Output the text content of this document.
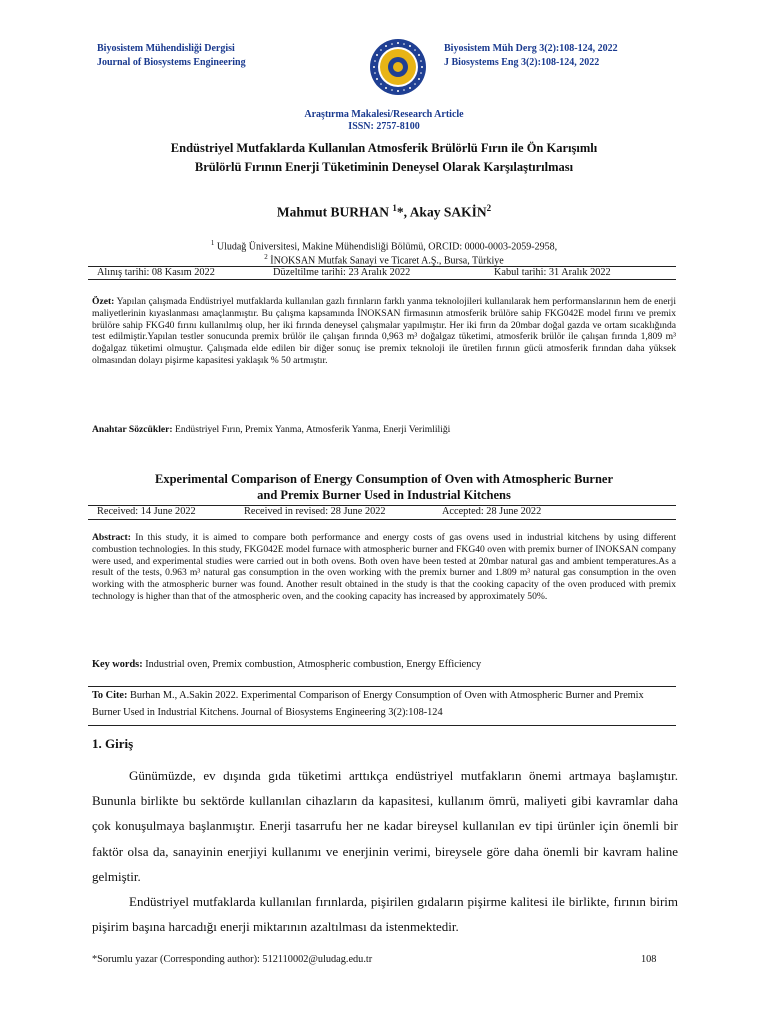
Biyosistem Mühendisliği Dergisi
Journal of Biosystems Engineering
Biyosistem Müh Derg 3(2):108-124, 2022
J Biosystems Eng 3(2):108-124, 2022
Araştırma Makalesi/Research Article
ISSN: 2757-8100
Endüstriyel Mutfaklarda Kullanılan Atmosferik Brülörlü Fırın ile Ön Karışımlı
Brülörlü Fırının Enerji Tüketiminin Deneysel Olarak Karşılaştırılması
Mahmut BURHAN $^1$*, Akay SAKİN$^2$
$^1$ Uludağ Üniversitesi, Makine Mühendisliği Bölümü, ORCID: 0000-0003-2059-2958,
$^2$ İNOKSAN Mutfak Sanayi ve Ticaret A.Ş., Bursa, Türkiye
Alınış tarihi: 08 Kasım 2022	Düzeltilme tarihi: 23 Aralık 2022	Kabul tarihi: 31 Aralık 2022
Özet: Yapılan çalışmada Endüstriyel mutfaklarda kullanılan gazlı fırınların farklı yanma teknolojileri kullanılarak hem performanslarının hem de enerji maliyetlerinin kıyaslanması amaçlanmıştır. Bu çalışma kapsamında İNOKSAN firmasının atmosferik brülöre sahip FKG042E model fırını ve premix brülöre sahip FKG40 fırını kullanılmış olup, her iki fırında deneysel çalışmalar yapılmıştır. Her iki fırın da 20mbar doğal gazda ve ortam sıcaklığında test edilmiştir.Yapılan testler sonucunda premix brülör ile çalışan fırında 0,963 m³ doğalgaz tüketimi, atmosferik brülör ile çalışan fırında 1,809 m³ doğalgaz tüketimi olmuştur. Çalışmada elde edilen bir diğer sonuç ise premix teknoloji ile üretilen fırının gücü atmosferik fırından daha yüksek olmasından dolayı pişirme kapasitesi yaklaşık % 50 artmıştır.
Anahtar Sözcükler: Endüstriyel Fırın, Premix Yanma, Atmosferik Yanma, Enerji Verimliliği
Experimental Comparison of Energy Consumption of Oven with Atmospheric Burner
and Premix Burner Used in Industrial Kitchens
Received: 14 June 2022	Received in revised: 28 June 2022	Accepted: 28 June 2022
Abstract: In this study, it is aimed to compare both performance and energy costs of gas ovens used in industrial kitchens by using different combustion technologies. In this study, FKG042E model furnace with atmospheric burner and FKG40 oven with premix burner of INOKSAN company were used, and experimental studies were carried out in both ovens. Both oven have been tested at 20mbar natural gas and ambient temperatures.As a result of the tests, 0.963 m³ natural gas consumption in the oven working with the premix burner and 1.809 m³ natural gas consumption in the oven working with the atmospheric burner was found. Another result obtained in the study is that the cooking capacity of the oven produced with premix technology is higher than that of the atmospheric oven, and the cooking capacity has increased by approximately 50%.
Key words: Industrial oven, Premix combustion, Atmospheric combustion, Energy Efficiency
To Cite: Burhan M., A.Sakin 2022. Experimental Comparison of Energy Consumption of Oven with Atmospheric Burner and Premix Burner Used in Industrial Kitchens. Journal of Biosystems Engineering 3(2):108-124
1. Giriş
Günümüzde, ev dışında gıda tüketimi arttıkça endüstriyel mutfakların önemi artmaya başlamıştır. Bununla birlikte bu sektörde kullanılan cihazların da kapasitesi, kullanım ömrü, maliyeti gibi kavramlar daha çok konuşulmaya başlanmıştır. Enerji tasarrufu her ne kadar bireysel kullanılan ev tipi ürünler için önemli bir faktör olsa da, sanayinin enerjiyi kullanımı ve enerjinin verimi, bireysele göre daha önemli bir kavram haline gelmiştir.
Endüstriyel mutfaklarda kullanılan fırınlarda, pişirilen gıdaların pişirme kalitesi ile birlikte, fırının birim pişirim başına harcadığı enerji miktarının azaltılması da istenmektedir.
*Sorumlu yazar (Corresponding author): 512110002@uludag.edu.tr	108
